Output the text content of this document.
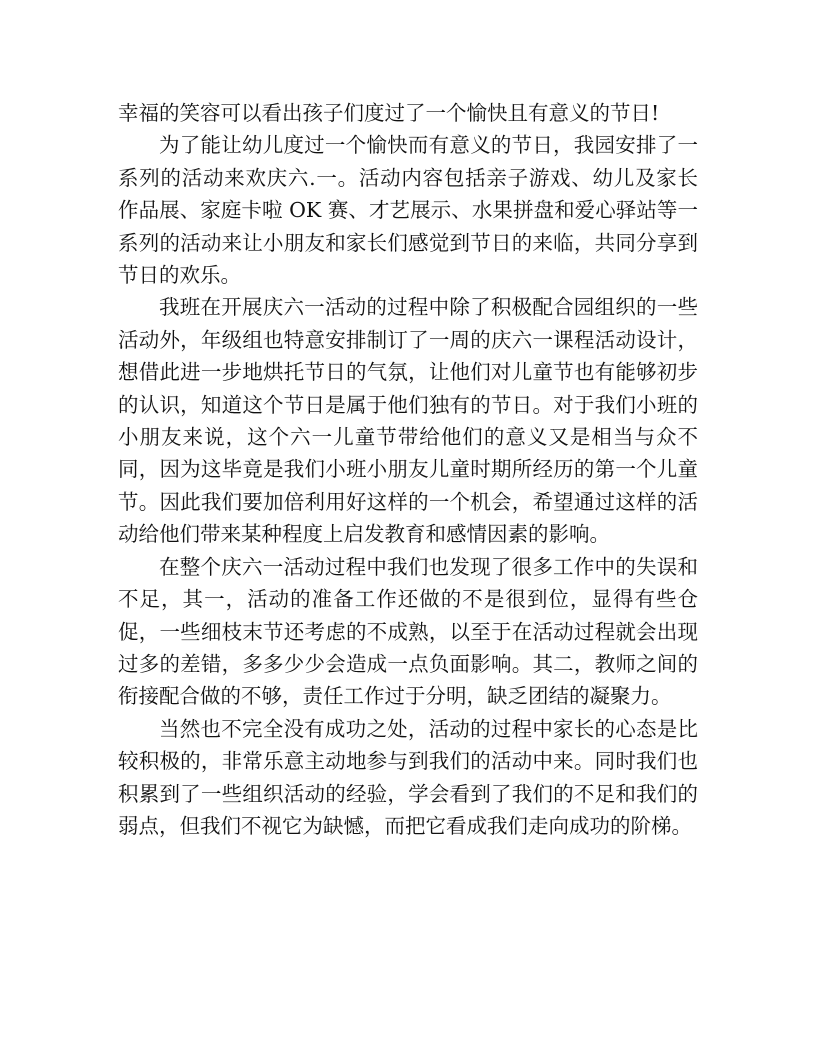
幸福的笑容可以看出孩子们度过了一个愉快且有意义的节日!

为了能让幼儿度过一个愉快而有意义的节日，我园安排了一系列的活动来欢庆六.一。活动内容包括亲子游戏、幼儿及家长作品展、家庭卡啦 OK 赛、才艺展示、水果拼盘和爱心驿站等一系列的活动来让小朋友和家长们感觉到节日的来临，共同分享到节日的欢乐。

我班在开展庆六一活动的过程中除了积极配合园组织的一些活动外，年级组也特意安排制订了一周的庆六一课程活动设计，想借此进一步地烘托节日的气氛，让他们对儿童节也有能够初步的认识，知道这个节日是属于他们独有的节日。对于我们小班的小朋友来说，这个六一儿童节带给他们的意义又是相当与众不同，因为这毕竟是我们小班小朋友儿童时期所经历的第一个儿童节。因此我们要加倍利用好这样的一个机会，希望通过这样的活动给他们带来某种程度上启发教育和感情因素的影响。

在整个庆六一活动过程中我们也发现了很多工作中的失误和不足，其一，活动的准备工作还做的不是很到位，显得有些仓促，一些细枝末节还考虑的不成熟，以至于在活动过程就会出现过多的差错，多多少少会造成一点负面影响。其二，教师之间的衔接配合做的不够，责任工作过于分明，缺乏团结的凝聚力。

当然也不完全没有成功之处，活动的过程中家长的心态是比较积极的，非常乐意主动地参与到我们的活动中来。同时我们也积累到了一些组织活动的经验，学会看到了我们的不足和我们的弱点，但我们不视它为缺憾，而把它看成我们走向成功的阶梯。
